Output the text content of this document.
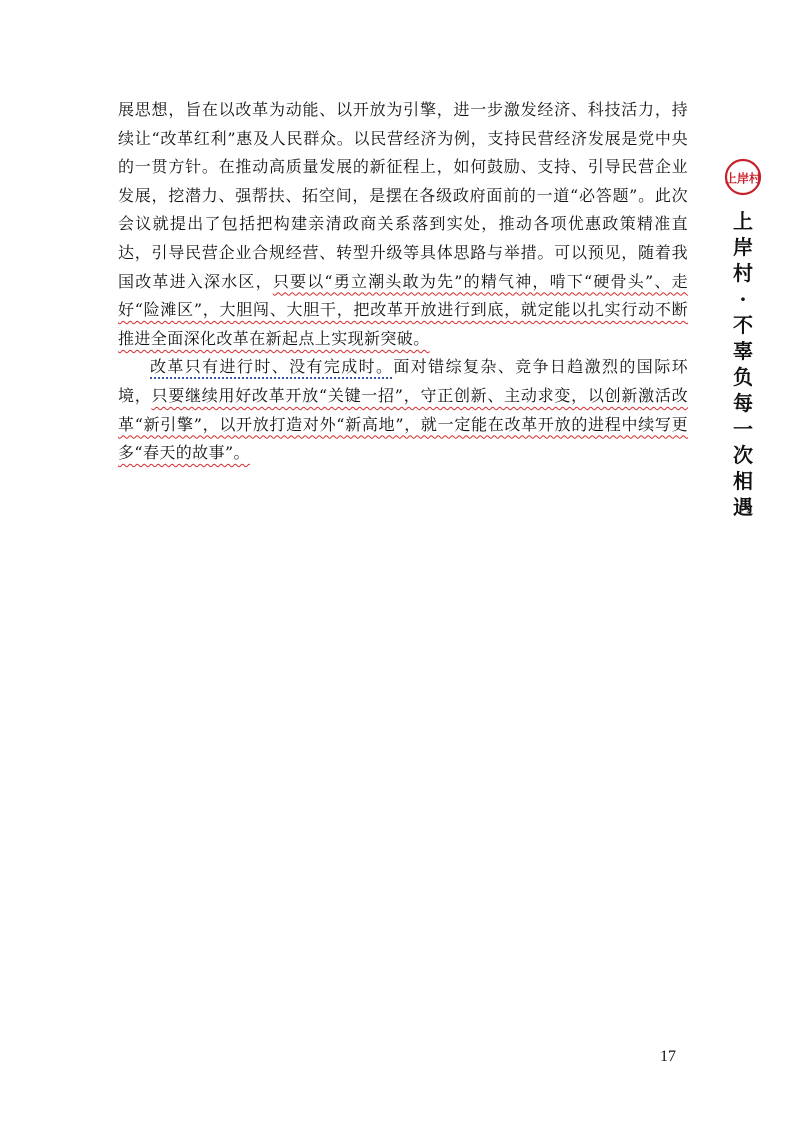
展思想，旨在以改革为动能、以开放为引擎，进一步激发经济、科技活力，持续让“改革红利”惠及人民群众。以民营经济为例，支持民营经济发展是党中央的一贯方针。在推动高质量发展的新征程上，如何鼓励、支持、引导民营企业发展，挖潜力、强帮扶、拓空间，是摆在各级政府面前的一道“必答题”。此次会议就提出了包括把构建亲清政商关系落到实处，推动各项优惠政策精准直达，引导民营企业合规经营、转型升级等具体思路与举措。可以预见，随着我国改革进入深水区，只要以“勇立潮头敢为先”的精气神，啃下“硬骨头”、走好“险滩区”，大胆闯、大胆干，把改革开放进行到底，就定能以扎实行动不断推进全面深化改革在新起点上实现新突破。

改革只有进行时、没有完成时。面对错综复杂、竞争日趋激烈的国际环境，只要继续用好改革开放“关键一招”，守正创新、主动求变，以创新激活改革“新引擎”，以开放打造对外“新高地”，就一定能在改革开放的进程中续写更多“春天的故事”。

上岸村
上
岸
村
·
不
辜
负
每
一
次
相
遇
17
